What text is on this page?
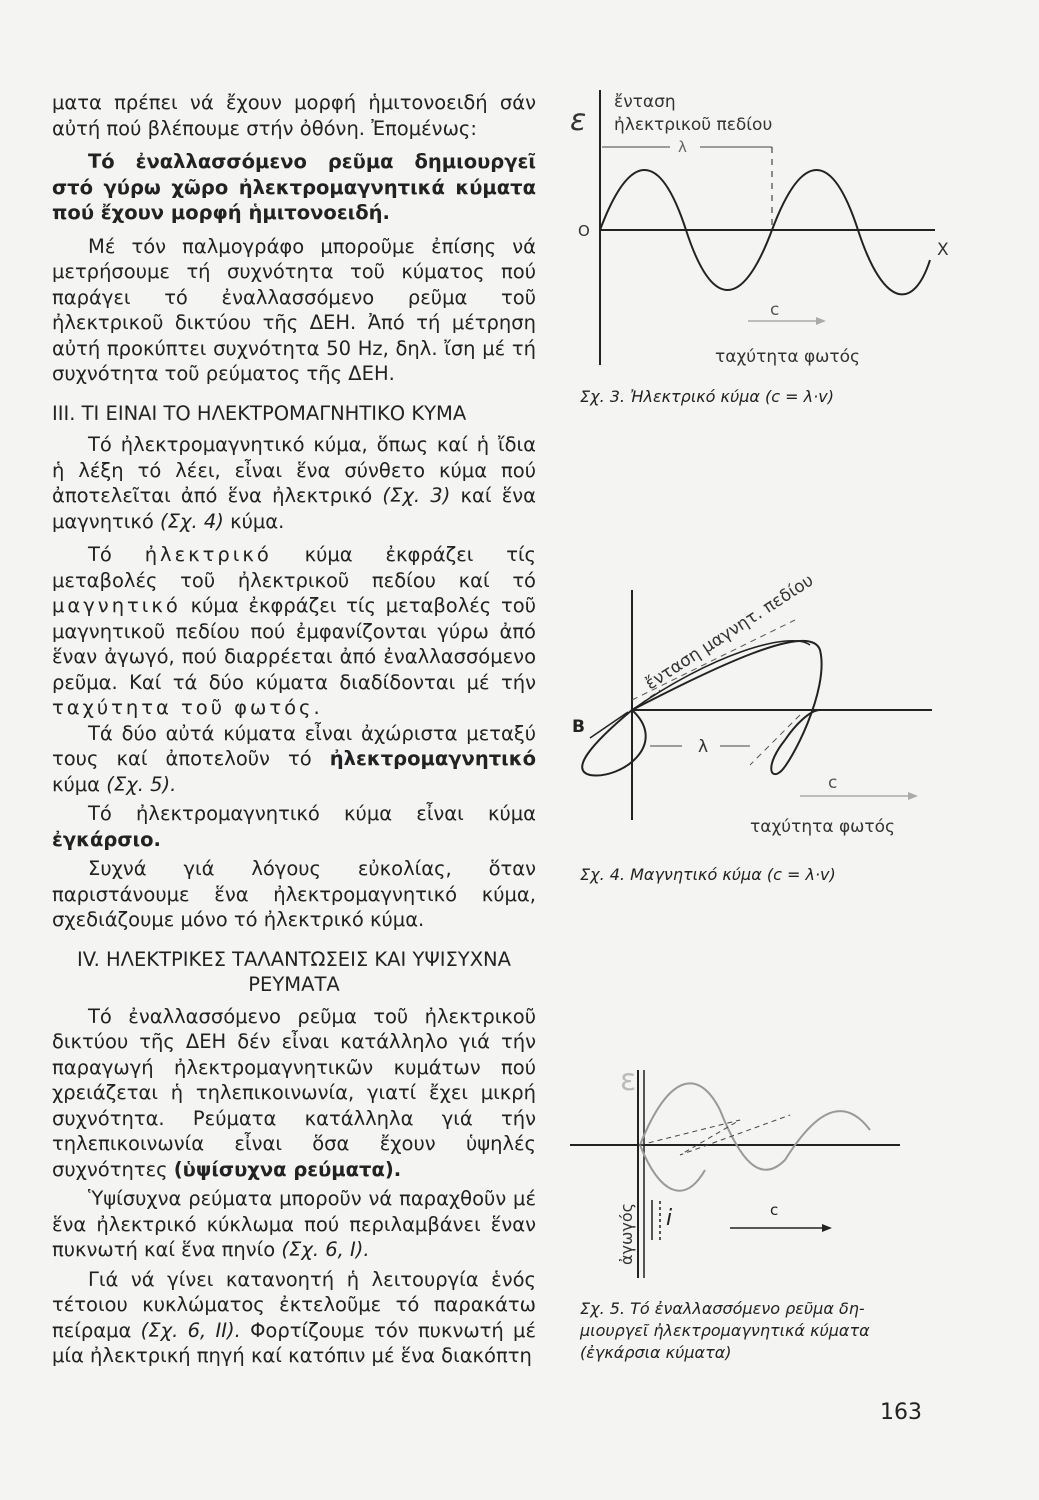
ματα πρέπει νά ἔχουν μορφή ἡμιτονοειδή σάν αὐτή πού βλέπουμε στήν ὀθόνη. Ἐπομένως:

Τό ἐναλλασσόμενο ρεῦμα δημιουργεῖ στό γύρω χῶρο ἠλεκτρομαγνητικά κύματα πού ἔχουν μορφή ἡμιτονοειδή.

Μέ τόν παλμογράφο μποροῦμε ἐπίσης νά μετρήσουμε τή συχνότητα τοῦ κύματος πού παράγει τό ἐναλλασσόμενο ρεῦμα τοῦ ἠλεκτρικοῦ δικτύου τῆς ΔΕΗ. Ἀπό τή μέτρηση αὐτή προκύπτει συχνότητα 50 Hz, δηλ. ἴση μέ τή συχνότητα τοῦ ρεύματος τῆς ΔΕΗ.

III. ΤΙ ΕΙΝΑΙ ΤΟ ΗΛΕΚΤΡΟΜΑΓΝΗΤΙΚΟ ΚΥΜΑ

Τό ἠλεκτρομαγνητικό κύμα, ὅπως καί ἡ ἴδια ἡ λέξη τό λέει, εἶναι ἕνα σύνθετο κύμα πού ἀποτελεῖται ἀπό ἕνα ἠλεκτρικό (Σχ. 3) καί ἕνα μαγνητικό (Σχ. 4) κύμα.

Τό ἠλεκτρικό κύμα ἐκφράζει τίς μεταβολές τοῦ ἠλεκτρικοῦ πεδίου καί τό μαγνητικό κύμα ἐκφράζει τίς μεταβολές τοῦ μαγνητικοῦ πεδίου πού ἐμφανίζονται γύρω ἀπό ἕναν ἀγωγό, πού διαρρέεται ἀπό ἐναλλασσόμενο ρεῦμα. Καί τά δύο κύματα διαδίδονται μέ τήν ταχύτητα τοῦ φωτός.

Τά δύο αὐτά κύματα εἶναι ἀχώριστα μεταξύ τους καί ἀποτελοῦν τό ἠλεκτρομαγνητικό κύμα (Σχ. 5).

Τό ἠλεκτρομαγνητικό κύμα εἶναι κύμα ἐγκάρσιο.

Συχνά γιά λόγους εὐκολίας, ὅταν παριστάνουμε ἕνα ἠλεκτρομαγνητικό κύμα, σχεδιάζουμε μόνο τό ἠλεκτρικό κύμα.

IV. ΗΛΕΚΤΡΙΚΕΣ ΤΑΛΑΝΤΩΣΕΙΣ ΚΑΙ ΥΨΙΣΥΧΝΑ ΡΕΥΜΑΤΑ

Τό ἐναλλασσόμενο ρεῦμα τοῦ ἠλεκτρικοῦ δικτύου τῆς ΔΕΗ δέν εἶναι κατάλληλο γιά τήν παραγωγή ἠλεκτρομαγνητικῶν κυμάτων πού χρειάζεται ἡ τηλεπικοινωνία, γιατί ἔχει μικρή συχνότητα. Ρεύματα κατάλληλα γιά τήν τηλεπικοινωνία εἶναι ὅσα ἔχουν ὑψηλές συχνότητες (ὑψίσυχνα ρεύματα).

Ὑψίσυχνα ρεύματα μποροῦν νά παραχθοῦν μέ ἕνα ἠλεκτρικό κύκλωμα πού περιλαμβάνει ἕναν πυκνωτή καί ἕνα πηνίο (Σχ. 6, I).

Γιά νά γίνει κατανοητή ἡ λειτουργία ἑνός τέτοιου κυκλώματος ἐκτελοῦμε τό παρακάτω πείραμα (Σχ. 6, II). Φορτίζουμε τόν πυκνωτή μέ μία ἠλεκτρική πηγή καί κατόπιν μέ ἕνα διακόπτη

ε
ἔνταση
ἠλεκτρικοῦ πεδίου
λ
O
X
c
ταχύτητα φωτός
Σχ. 3. Ἠλεκτρικό κύμα (c = λ·v)
ἔνταση μαγνητ. πεδίου
B
λ
c
ταχύτητα φωτός
Σχ. 4. Μαγνητικό κύμα (c = λ·v)
ε
ἀγωγός i	c
Σχ. 5. Τό ἐναλλασσόμενο ρεῦμα δη-
μιουργεῖ ἠλεκτρομαγνητικά κύματα
(ἐγκάρσια κύματα)
163
